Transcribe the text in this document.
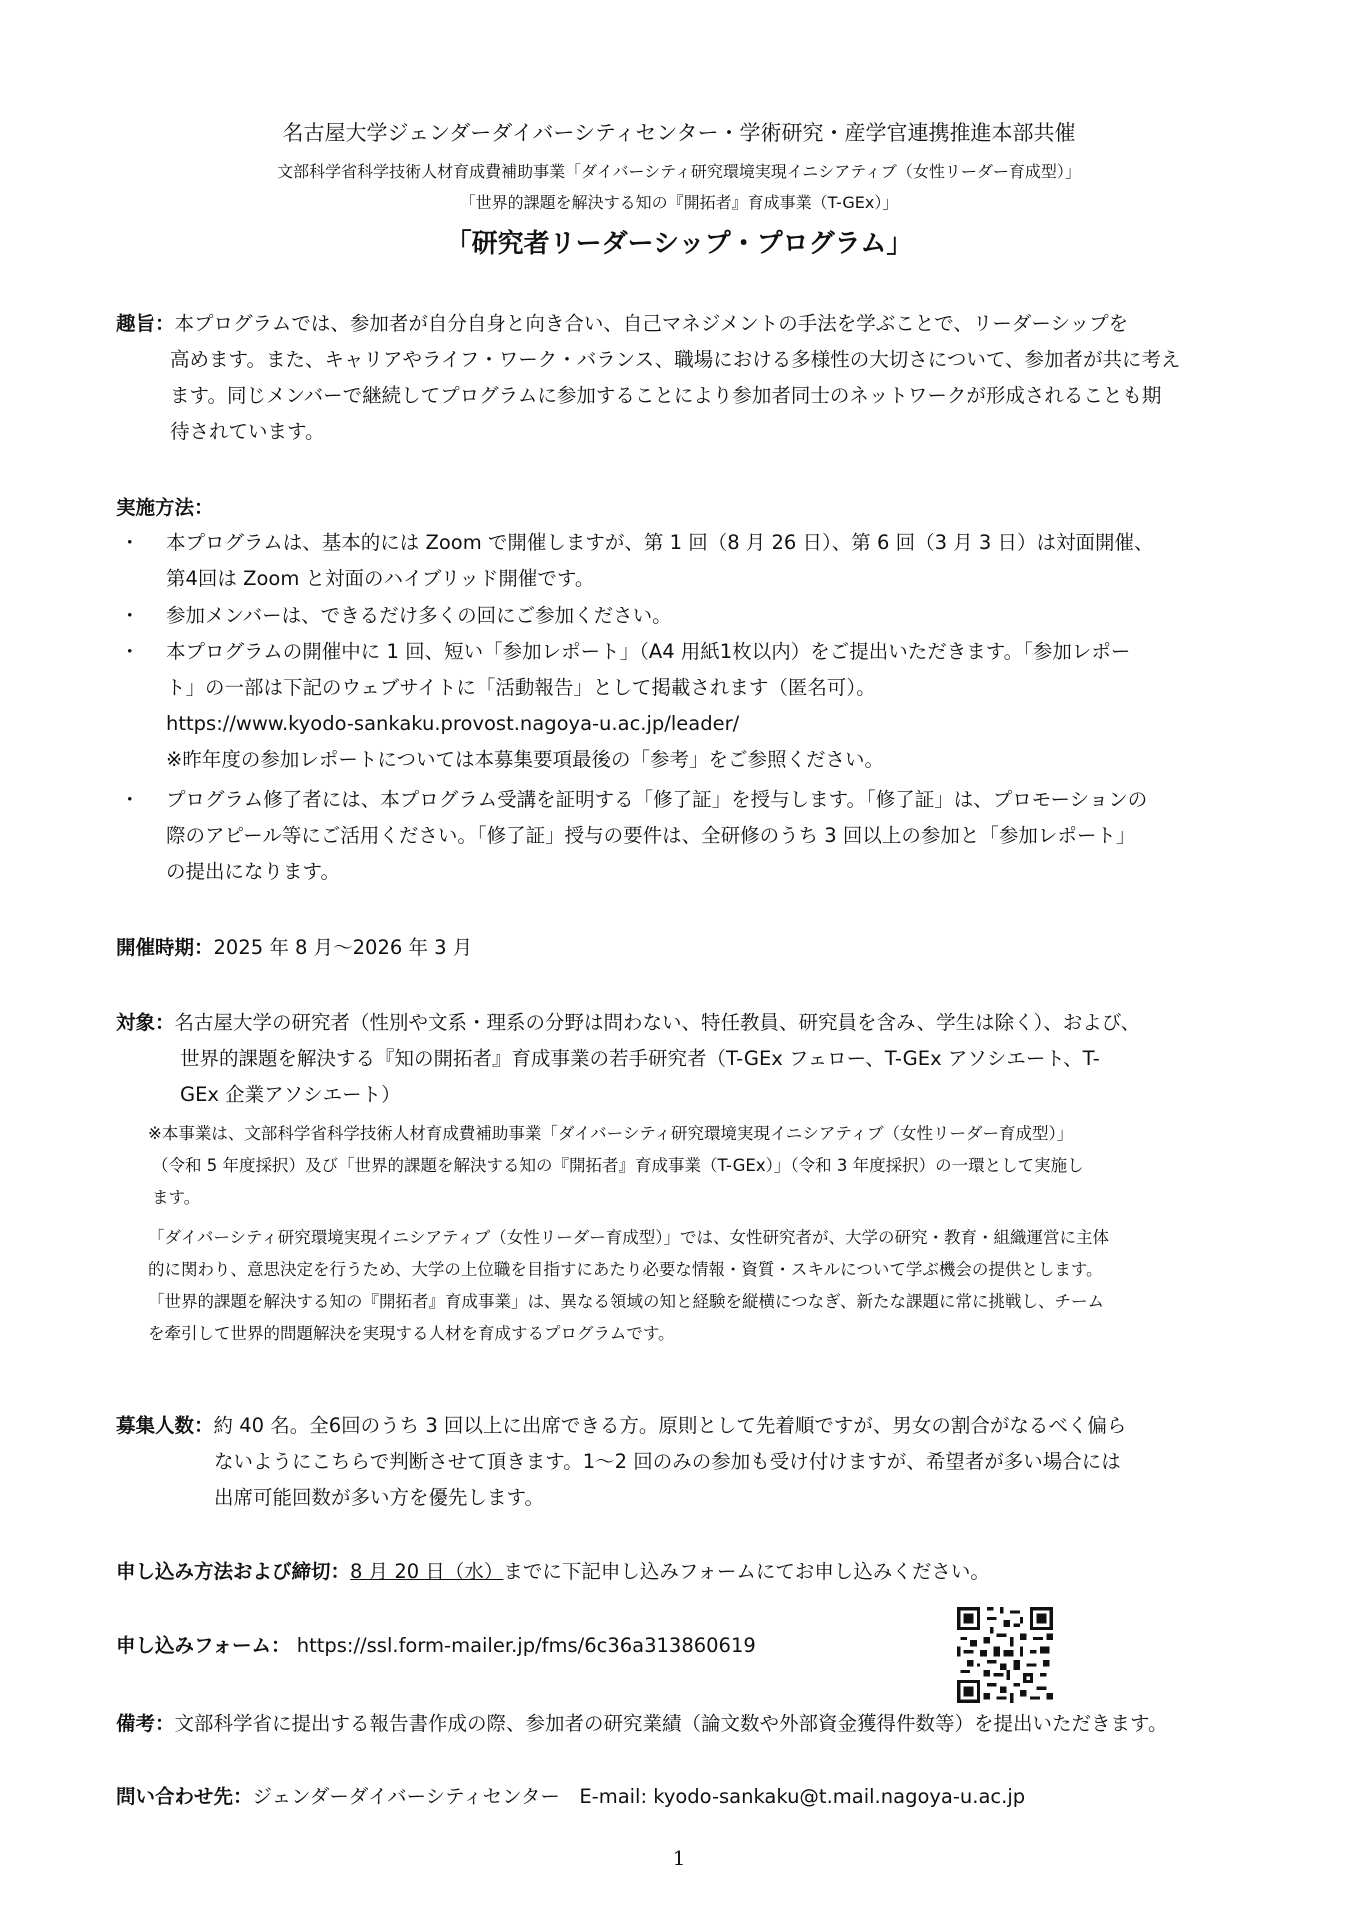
名古屋大学ジェンダーダイバーシティセンター・学術研究・産学官連携推進本部共催
文部科学省科学技術人材育成費補助事業「ダイバーシティ研究環境実現イニシアティブ（女性リーダー育成型）」
「世界的課題を解決する知の『開拓者』育成事業（T-GEx）」
「研究者リーダーシップ・プログラム」
趣旨：本プログラムでは、参加者が自分自身と向き合い、自己マネジメントの手法を学ぶことで、リーダーシップを
高めます。また、キャリアやライフ・ワーク・バランス、職場における多様性の大切さについて、参加者が共に考え
ます。同じメンバーで継続してプログラムに参加することにより参加者同士のネットワークが形成されることも期
待されています。
実施方法：
・	本プログラムは、基本的には Zoom で開催しますが、第 1 回（8 月 26 日）、第 6 回（3 月 3 日）は対面開催、
第4回は Zoom と対面のハイブリッド開催です。
・	参加メンバーは、できるだけ多くの回にご参加ください。
・	本プログラムの開催中に 1 回、短い「参加レポート」（A4 用紙1枚以内）をご提出いただきます。「参加レポー
ト」の一部は下記のウェブサイトに「活動報告」として掲載されます（匿名可）。
https://www.kyodo-sankaku.provost.nagoya-u.ac.jp/leader/
※昨年度の参加レポートについては本募集要項最後の「参考」をご参照ください。
・	プログラム修了者には、本プログラム受講を証明する「修了証」を授与します。「修了証」は、プロモーションの
際のアピール等にご活用ください。「修了証」授与の要件は、全研修のうち 3 回以上の参加と「参加レポート」
の提出になります。
開催時期：2025 年 8 月～2026 年 3 月
対象：名古屋大学の研究者（性別や文系・理系の分野は問わない、特任教員、研究員を含み、学生は除く）、および、
世界的課題を解決する『知の開拓者』育成事業の若手研究者（T-GEx フェロー、T-GEx アソシエート、T-
GEx 企業アソシエート）
※本事業は、文部科学省科学技術人材育成費補助事業「ダイバーシティ研究環境実現イニシアティブ（女性リーダー育成型）」
（令和 5 年度採択）及び「世界的課題を解決する知の『開拓者』育成事業（T-GEx）」（令和 3 年度採択）の一環として実施し
ます。
「ダイバーシティ研究環境実現イニシアティブ（女性リーダー育成型）」では、女性研究者が、大学の研究・教育・組織運営に主体
的に関わり、意思決定を行うため、大学の上位職を目指すにあたり必要な情報・資質・スキルについて学ぶ機会の提供とします。
「世界的課題を解決する知の『開拓者』育成事業」は、異なる領域の知と経験を縦横につなぎ、新たな課題に常に挑戦し、チーム
を牽引して世界的問題解決を実現する人材を育成するプログラムです。
募集人数：約 40 名。全6回のうち 3 回以上に出席できる方。原則として先着順ですが、男女の割合がなるべく偏ら
ないようにこちらで判断させて頂きます。1～2 回のみの参加も受け付けますが、希望者が多い場合には
出席可能回数が多い方を優先します。
申し込み方法および締切：8 月 20 日（水）までに下記申し込みフォームにてお申し込みください。
申し込みフォーム： https://ssl.form-mailer.jp/fms/6c36a313860619
備考：文部科学省に提出する報告書作成の際、参加者の研究業績（論文数や外部資金獲得件数等）を提出いただきます。
問い合わせ先：ジェンダーダイバーシティセンター　E-mail: kyodo-sankaku@t.mail.nagoya-u.ac.jp
1
